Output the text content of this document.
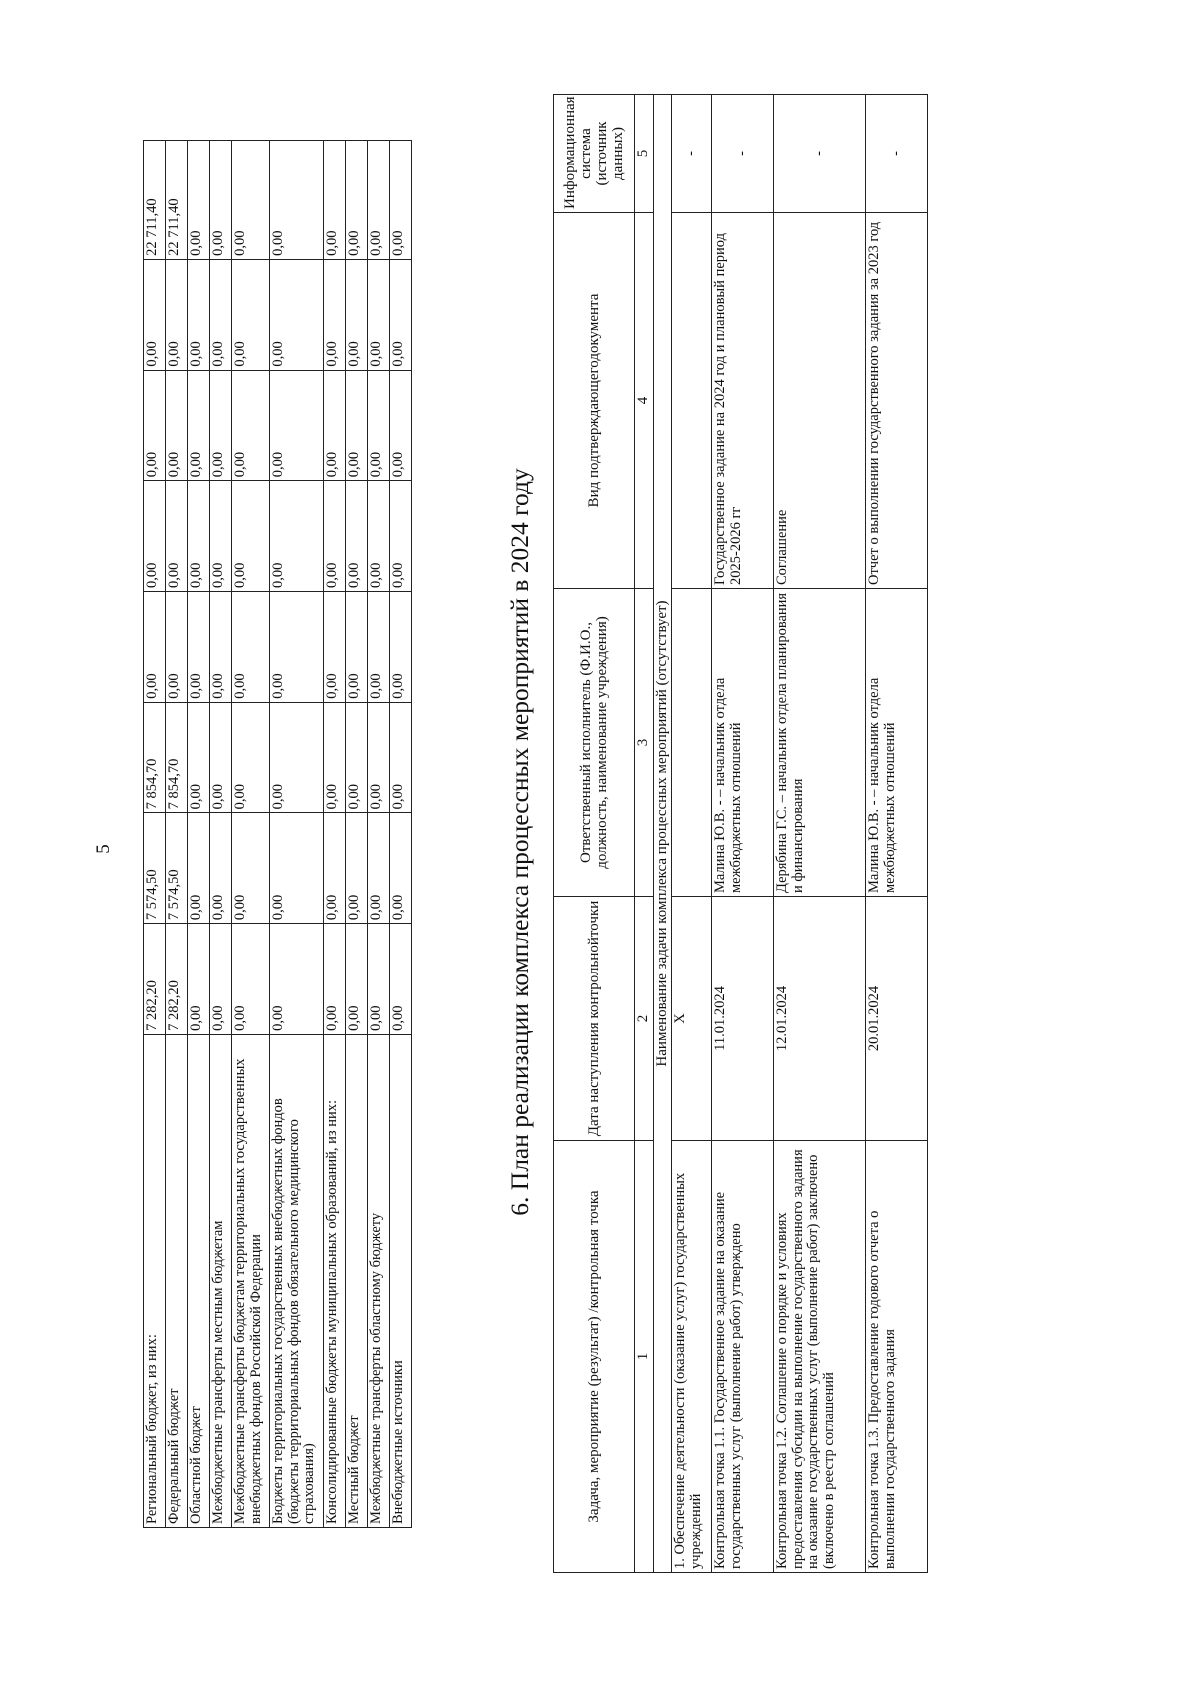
5
Региональный бюджет, из них:	7 282,20	7 574,50	7 854,70	0,00	0,00	0,00	0,00	22 711,40
Федеральный бюджет	7 282,20	7 574,50	7 854,70	0,00	0,00	0,00	0,00	22 711,40
Областной бюджет	0,00	0,00	0,00	0,00	0,00	0,00	0,00	0,00
Межбюджетные трансферты местным бюджетам	0,00	0,00	0,00	0,00	0,00	0,00	0,00	0,00
Межбюджетные трансферты бюджетам территориальных государственных внебюджетных фондов Российской Федерации	0,00	0,00	0,00	0,00	0,00	0,00	0,00	0,00
Бюджеты территориальных государственных внебюджетных фондов (бюджеты территориальных фондов обязательного медицинского страхования)	0,00	0,00	0,00	0,00	0,00	0,00	0,00	0,00
Консолидированные бюджеты муниципальных образований, из них:	0,00	0,00	0,00	0,00	0,00	0,00	0,00	0,00
Местный бюджет	0,00	0,00	0,00	0,00	0,00	0,00	0,00	0,00
Межбюджетные трансферты областному бюджету	0,00	0,00	0,00	0,00	0,00	0,00	0,00	0,00
Внебюджетные источники	0,00	0,00	0,00	0,00	0,00	0,00	0,00	0,00
6. План реализации комплекса процессных мероприятий в 2024 году
Задача, мероприятие (результат) /контрольная точка	Дата наступления контрольнойточки	Ответственный исполнитель (Ф.И.О., должность, наименование учреждения)	Вид подтверждающегодокумента	Информационная система (источник данных)
1	2	3	4	5
Наименование задачи комплекса процессных мероприятий (отсутствует)				
1. Обеспечение деятельности (оказание услуг) государственных учреждений	Х			-
Контрольная точка 1.1. Государственное задание на оказание государственных услуг (выполнение работ) утверждено	11.01.2024	Малина Ю.В. - – начальник отдела межбюджетных отношений	Государственное задание на 2024 год и плановый период 2025-2026 гг	-
Контрольная точка 1.2. Соглашение о порядке и условиях предоставления субсидии на выполнение государственного задания на оказание государственных услуг (выполнение работ) заключено (включено в реестр соглашений	12.01.2024	Дерябина Г.С. – начальник отдела планирования и финансирования	Соглашение	-
Контрольная точка 1.3. Предоставление годового отчета о выполнении государственного задания	20.01.2024	Малина Ю.В. - – начальник отдела межбюджетных отношений	Отчет о выполнении государственного задания за 2023 год	-
